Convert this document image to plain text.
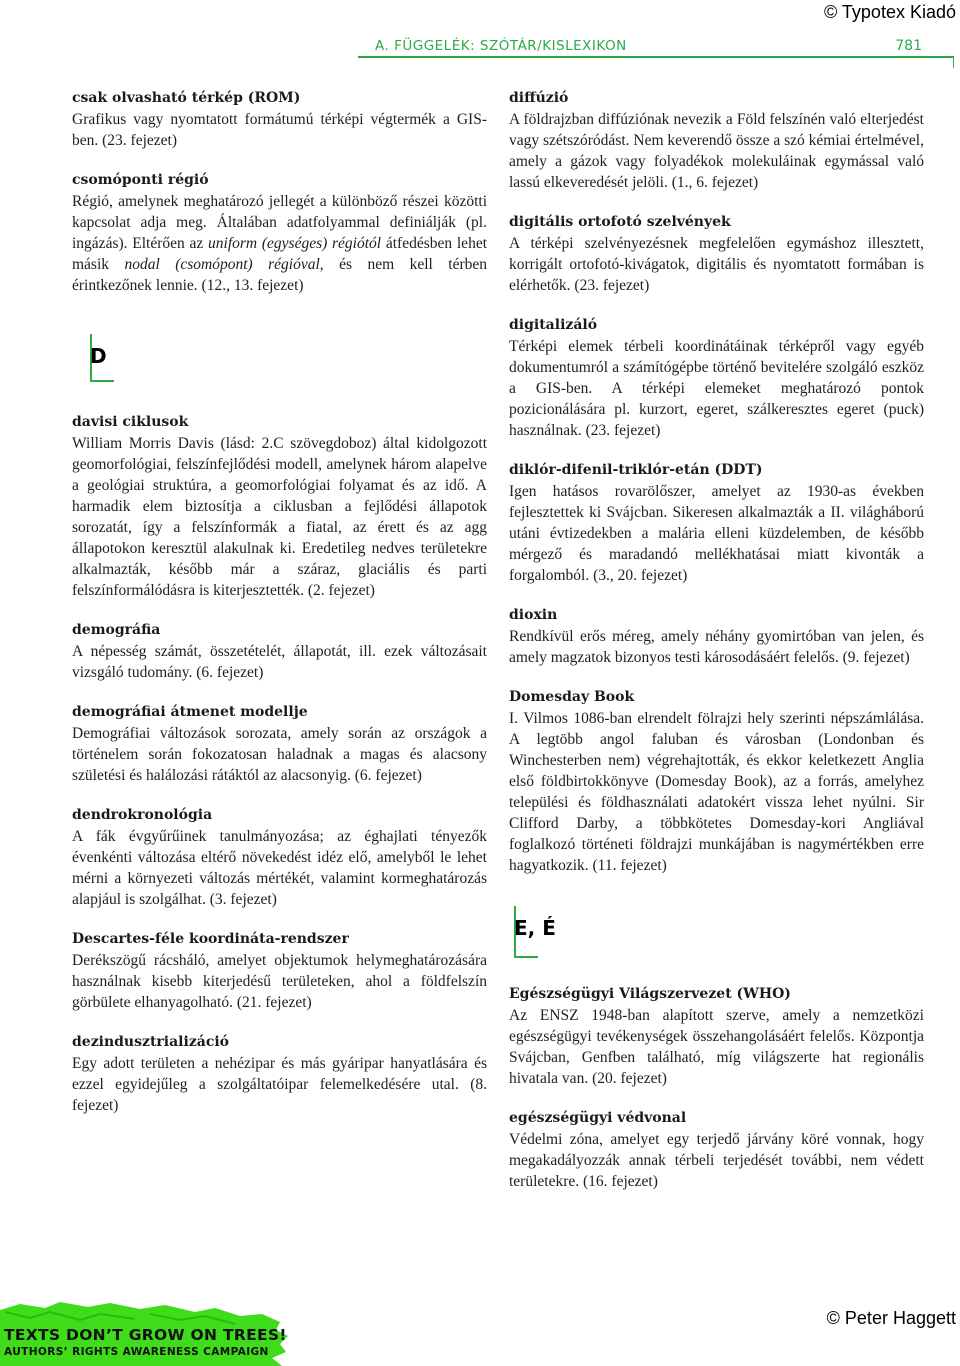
© Typotex Kiadó
A. FÜGGELÉK: SZÓTÁR/KISLEXIKON	781
csak olvasható térkép (ROM)
Grafikus vagy nyomtatott formátumú térképi végtermék a GIS-ben. (23. fejezet)
csomóponti régió
Régió, amelynek meghatározó jellegét a különböző részei közötti kapcsolat adja meg. Általában adatfolyammal definiálják (pl. ingázás). Eltérően az uniform (egységes) régiótól átfedésben lehet másik nodal (csomópont) régióval, és nem kell térben érintkezőnek lennie. (12., 13. fejezet)
D
davisi ciklusok
William Morris Davis (lásd: 2.C szövegdoboz) által kidolgozott geomorfológiai, felszínfejlődési modell, amelynek három alapelve a geológiai struktúra, a geomorfológiai folyamat és az idő. A harmadik elem biztosítja a ciklusban a fejlődési állapotok sorozatát, így a felszínformák a fiatal, az érett és az agg állapotokon keresztül alakulnak ki. Eredetileg nedves területekre alkalmazták, később már a száraz, glaciális és parti felszínformálódásra is kiterjesztették. (2. fejezet)
demográfia
A népesség számát, összetételét, állapotát, ill. ezek változásait vizsgáló tudomány. (6. fejezet)
demográfiai átmenet modellje
Demográfiai változások sorozata, amely során az országok a történelem során fokozatosan haladnak a magas és alacsony születési és halálozási rátáktól az alacsonyig. (6. fejezet)
dendrokronológia
A fák évgyűrűinek tanulmányozása; az éghajlati tényezők évenkénti változása eltérő növekedést idéz elő, amelyből le lehet mérni a környezeti változás mértékét, valamint kormeghatározás alapjául is szolgálhat. (3. fejezet)
Descartes-féle koordináta-rendszer
Derékszögű rácsháló, amelyet objektumok helymeghatározására használnak kisebb kiterjedésű területeken, ahol a földfelszín görbülete elhanyagolható. (21. fejezet)
dezindusztrializáció
Egy adott területen a nehézipar és más gyáripar hanyatlására és ezzel egyidejűleg a szolgáltatóipar felemelkedésére utal. (8. fejezet)
diffúzió
A földrajzban diffúziónak nevezik a Föld felszínén való elterjedést vagy szétszóródást. Nem keverendő össze a szó kémiai értelmével, amely a gázok vagy folyadékok molekuláinak egymással való lassú elkeveredését jelöli. (1., 6. fejezet)
digitális ortofotó szelvények
A térképi szelvényezésnek megfelelően egymáshoz illesztett, korrigált ortofotó-kivágatok, digitális és nyomtatott formában is elérhetők. (23. fejezet)
digitalizáló
Térképi elemek térbeli koordinátáinak térképről vagy egyéb dokumentumról a számítógépbe történő bevitelére szolgáló eszköz a GIS-ben. A térképi elemeket meghatározó pontok pozicionálására pl. kurzort, egeret, szálkeresztes egeret (puck) használnak. (23. fejezet)
diklór-difenil-triklór-etán (DDT)
Igen hatásos rovarölőszer, amelyet az 1930-as években fejlesztettek ki Svájcban. Sikeresen alkalmazták a II. világháború utáni évtizedekben a malária elleni küzdelemben, de később mérgező és maradandó mellékhatásai miatt kivonták a forgalomból. (3., 20. fejezet)
dioxin
Rendkívül erős méreg, amely néhány gyomirtóban van jelen, és amely magzatok bizonyos testi károsodásáért felelős. (9. fejezet)
Domesday Book
I. Vilmos 1086-ban elrendelt fölrajzi hely szerinti népszámlálása. A legtöbb angol faluban és városban (Londonban és Winchesterben nem) végrehajtották, és ekkor keletkezett Anglia első földbirtokkönyve (Domesday Book), az a forrás, amelyhez települési és földhasználati adatokért vissza lehet nyúlni. Sir Clifford Darby, a többkötetes Domesday-kori Angliával foglalkozó történeti földrajzi munkájában is nagymértékben erre hagyatkozik. (11. fejezet)
E, É
Egészségügyi Világszervezet (WHO)
Az ENSZ 1948-ban alapított szerve, amely a nemzetközi egészségügyi tevékenységek összehangolásáért felelős. Központja Svájcban, Genfben található, míg világszerte hat regionális hivatala van. (20. fejezet)
egészségügyi védvonal
Védelmi zóna, amelyet egy terjedő járvány köré vonnak, hogy megakadályozzák annak térbeli terjedését további, nem védett területekre. (16. fejezet)
TEXTS DON’T GROW ON TREES!
AUTHORS’ RIGHTS AWARENESS CAMPAIGN
© Peter Haggett
